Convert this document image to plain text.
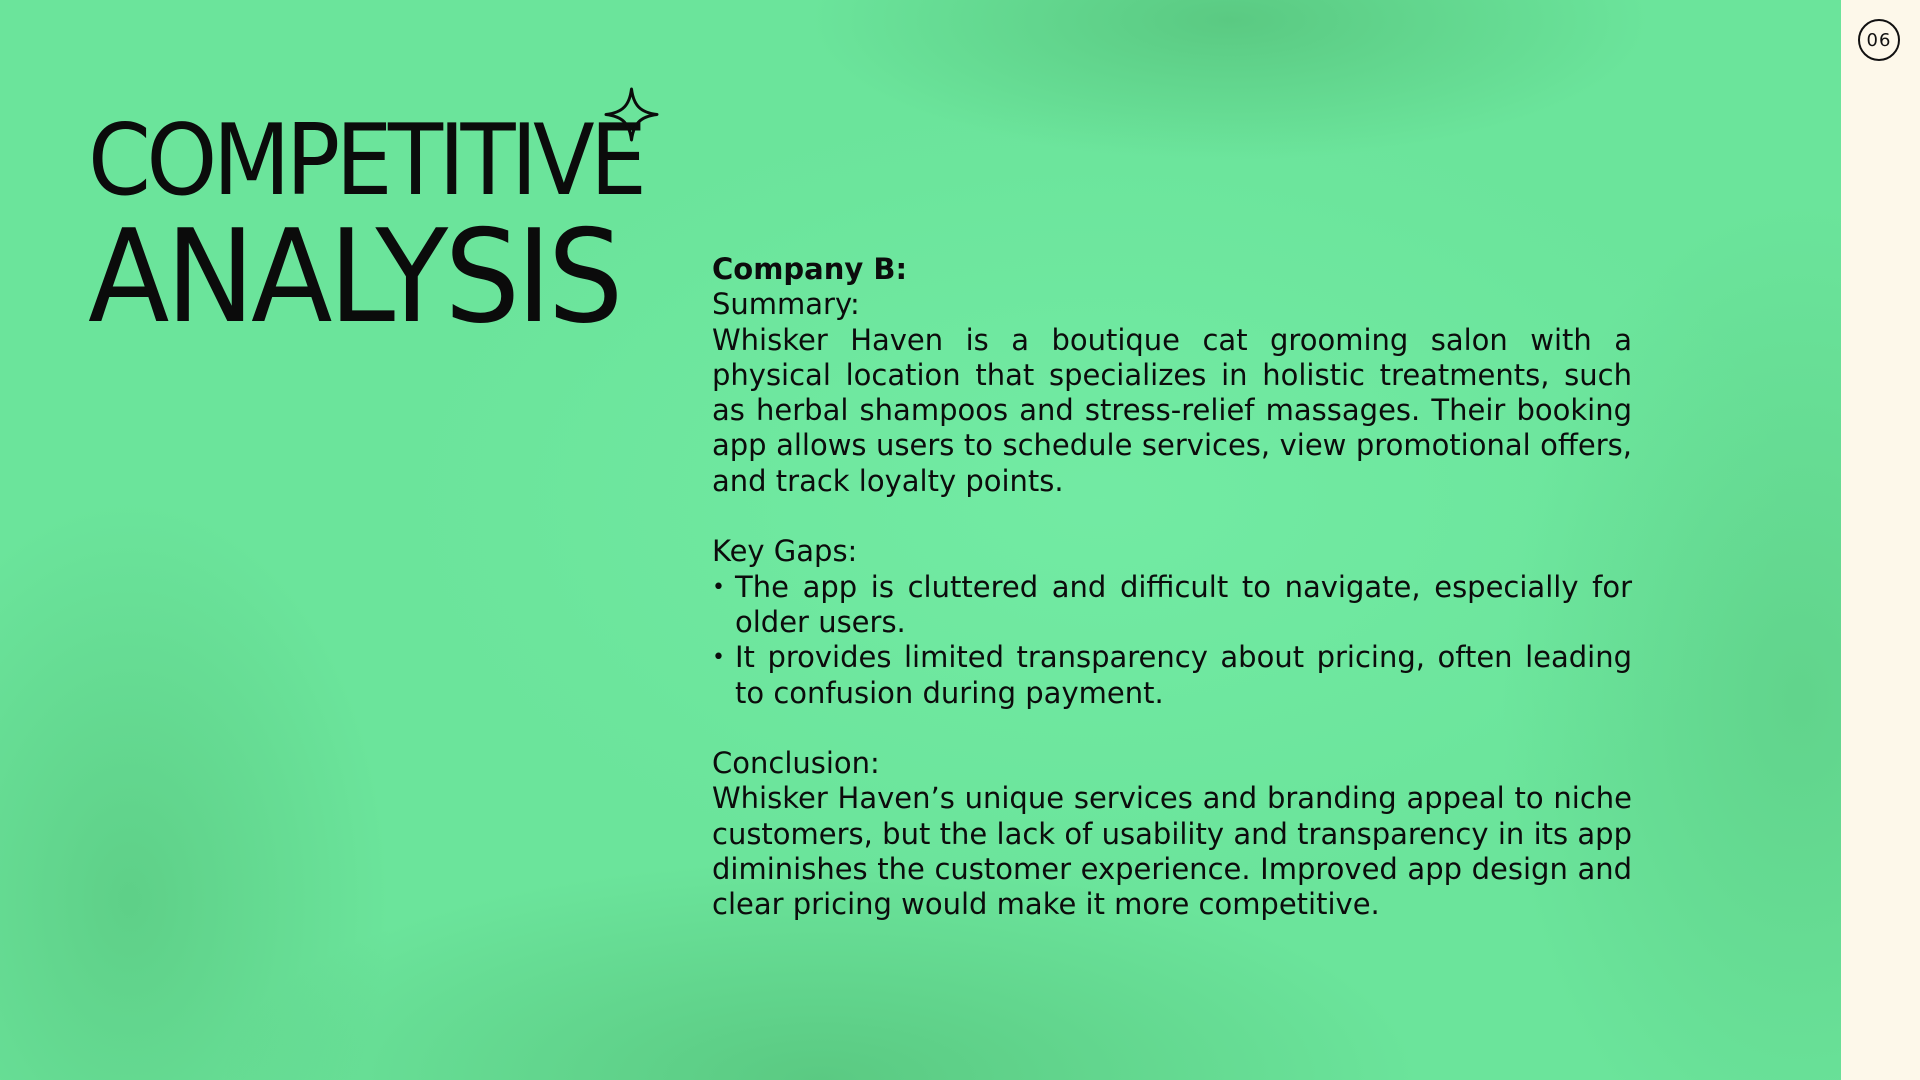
06
COMPETITIVE
ANALYSIS	Company B:

Summary:

Whisker Haven is a boutique cat grooming salon with a physical location that specializes in holistic treatments, such as herbal shampoos and stress-relief massages. Their booking app allows users to schedule services, view promotional offers, and track loyalty points.

Key Gaps:

• The app is cluttered and difficult to navigate, especially for older users.
• It provides limited transparency about pricing, often leading to confusion during payment.

Conclusion:

Whisker Haven’s unique services and branding appeal to niche customers, but the lack of usability and transparency in its app diminishes the customer experience. Improved app design and clear pricing would make it more competitive.
